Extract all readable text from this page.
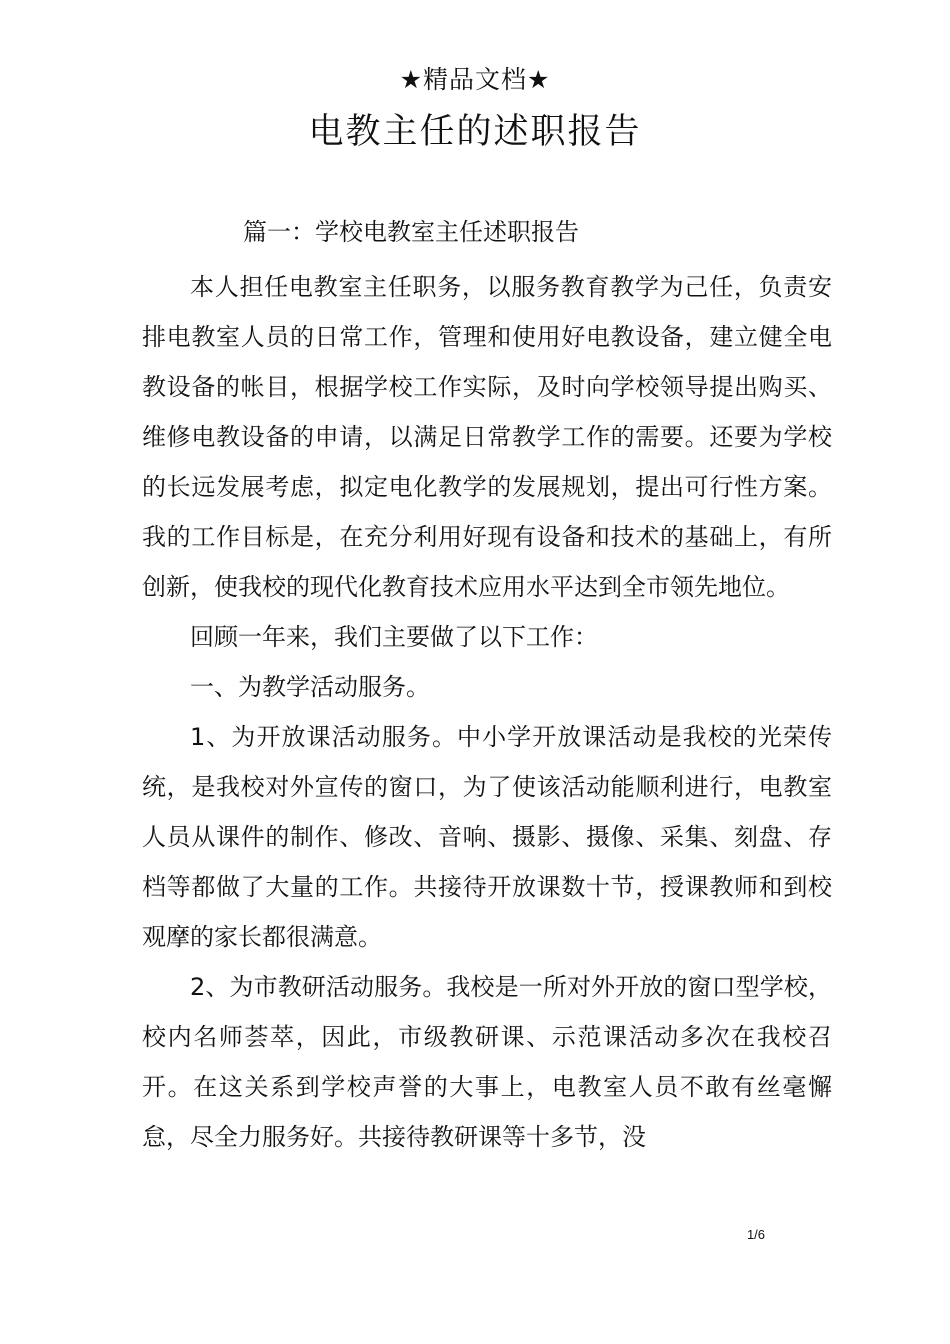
★精品文档★
电教主任的述职报告
篇一：学校电教室主任述职报告

本人担任电教室主任职务，以服务教育教学为己任，负责安排电教室人员的日常工作，管理和使用好电教设备，建立健全电教设备的帐目，根据学校工作实际，及时向学校领导提出购买、维修电教设备的申请，以满足日常教学工作的需要。还要为学校的长远发展考虑，拟定电化教学的发展规划，提出可行性方案。我的工作目标是，在充分利用好现有设备和技术的基础上，有所创新，使我校的现代化教育技术应用水平达到全市领先地位。

回顾一年来，我们主要做了以下工作：

一、为教学活动服务。

1、为开放课活动服务。中小学开放课活动是我校的光荣传统，是我校对外宣传的窗口，为了使该活动能顺利进行，电教室人员从课件的制作、修改、音响、摄影、摄像、采集、刻盘、存档等都做了大量的工作。共接待开放课数十节，授课教师和到校观摩的家长都很满意。

2、为市教研活动服务。我校是一所对外开放的窗口型学校，校内名师荟萃，因此，市级教研课、示范课活动多次在我校召开。在这关系到学校声誉的大事上，电教室人员不敢有丝毫懈怠，尽全力服务好。共接待教研课等十多节，没

1/6
